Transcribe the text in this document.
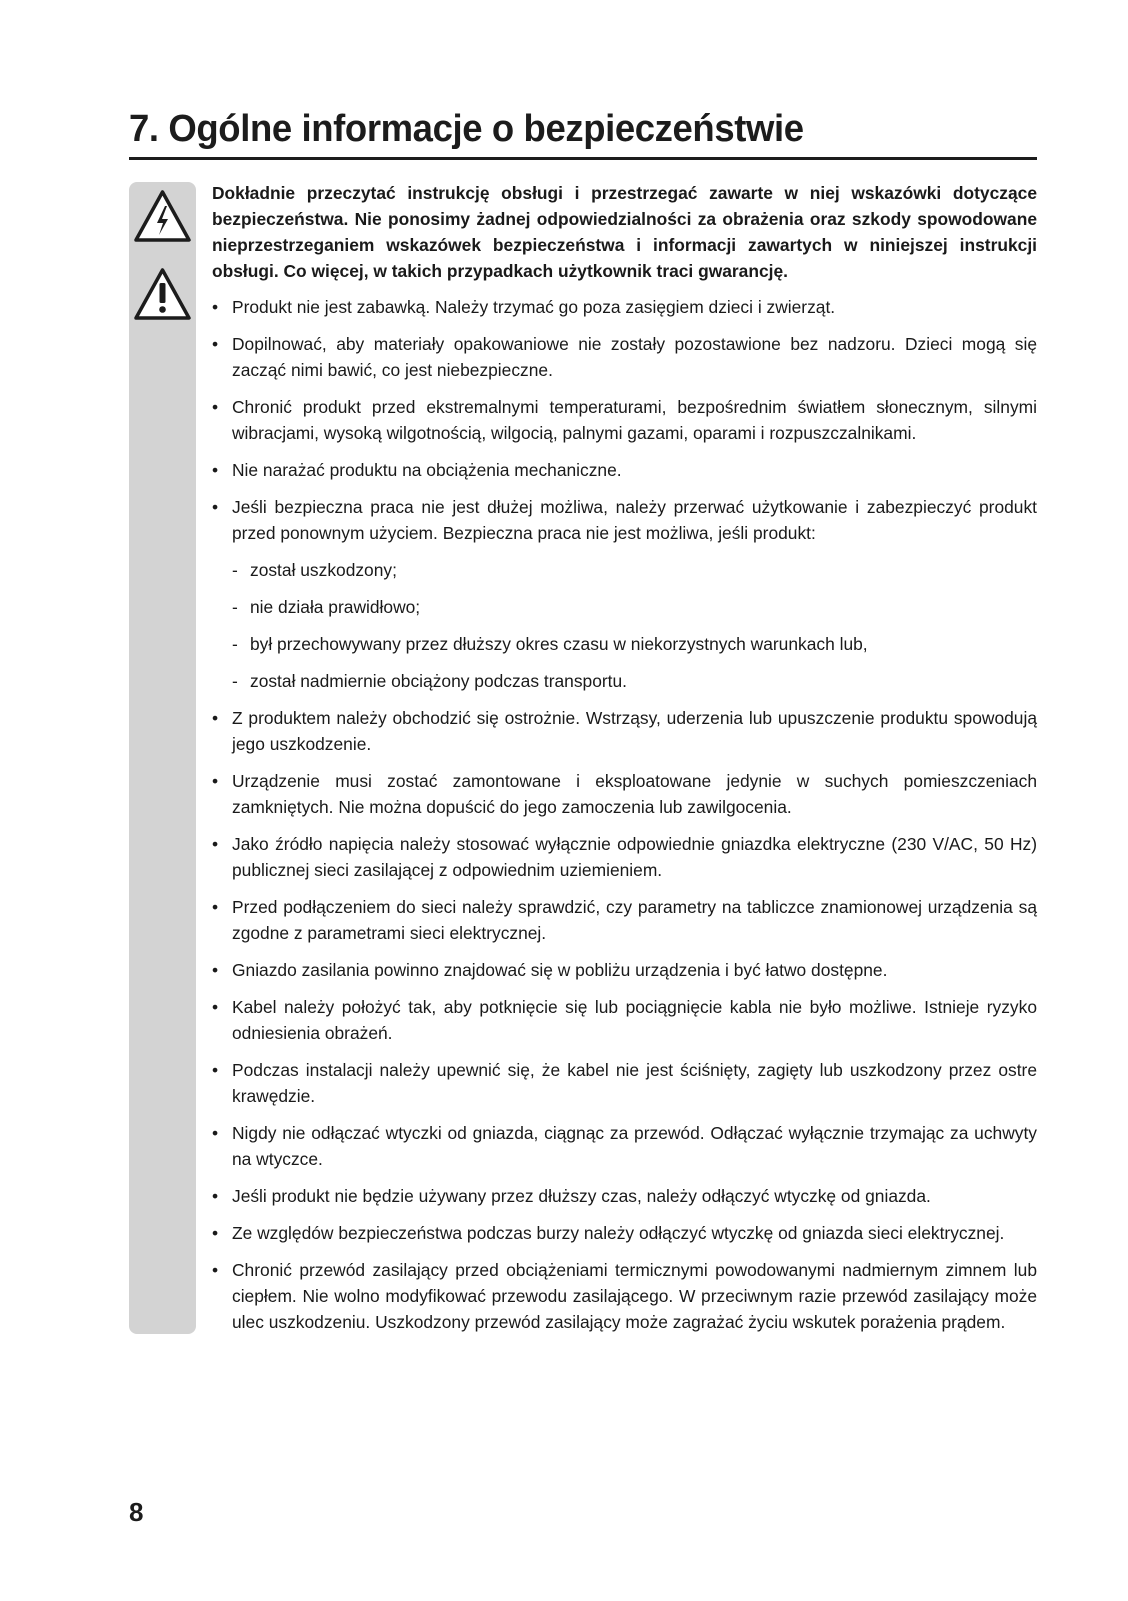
7. Ogólne informacje o bezpieczeństwie

Dokładnie przeczytać instrukcję obsługi i przestrzegać zawarte w niej wskazówki dotyczące bezpieczeństwa. Nie ponosimy żadnej odpowiedzialności za obrażenia oraz szkody spowodowane nieprzestrzeganiem wskazówek bezpieczeństwa i informacji zawartych w niniejszej instrukcji obsługi. Co więcej, w takich przypadkach użytkownik traci gwarancję.

• Produkt nie jest zabawką. Należy trzymać go poza zasięgiem dzieci i zwierząt.
• Dopilnować, aby materiały opakowaniowe nie zostały pozostawione bez nadzoru. Dzieci mogą się zacząć nimi bawić, co jest niebezpieczne.
• Chronić produkt przed ekstremalnymi temperaturami, bezpośrednim światłem słonecznym, silnymi wibracjami, wysoką wilgotnością, wilgocią, palnymi gazami, oparami i rozpuszczalnikami.
• Nie narażać produktu na obciążenia mechaniczne.
• Jeśli bezpieczna praca nie jest dłużej możliwa, należy przerwać użytkowanie i zabezpieczyć produkt przed ponownym użyciem. Bezpieczna praca nie jest możliwa, jeśli produkt:
- został uszkodzony;
- nie działa prawidłowo;
- był przechowywany przez dłuższy okres czasu w niekorzystnych warunkach lub,
- został nadmiernie obciążony podczas transportu.
• Z produktem należy obchodzić się ostrożnie. Wstrząsy, uderzenia lub upuszczenie produktu spowodują jego uszkodzenie.
• Urządzenie musi zostać zamontowane i eksploatowane jedynie w suchych pomieszczeniach zamkniętych. Nie można dopuścić do jego zamoczenia lub zawilgocenia.
• Jako źródło napięcia należy stosować wyłącznie odpowiednie gniazdka elektryczne (230 V/AC, 50 Hz) publicznej sieci zasilającej z odpowiednim uziemieniem.
• Przed podłączeniem do sieci należy sprawdzić, czy parametry na tabliczce znamionowej urządzenia są zgodne z parametrami sieci elektrycznej.
• Gniazdo zasilania powinno znajdować się w pobliżu urządzenia i być łatwo dostępne.
• Kabel należy położyć tak, aby potknięcie się lub pociągnięcie kabla nie było możliwe. Istnieje ryzyko odniesienia obrażeń.
• Podczas instalacji należy upewnić się, że kabel nie jest ściśnięty, zagięty lub uszkodzony przez ostre krawędzie.
• Nigdy nie odłączać wtyczki od gniazda, ciągnąc za przewód. Odłączać wyłącznie trzymając za uchwyty na wtyczce.
• Jeśli produkt nie będzie używany przez dłuższy czas, należy odłączyć wtyczkę od gniazda.
• Ze względów bezpieczeństwa podczas burzy należy odłączyć wtyczkę od gniazda sieci elektrycznej.
• Chronić przewód zasilający przed obciążeniami termicznymi powodowanymi nadmiernym zimnem lub ciepłem. Nie wolno modyfikować przewodu zasilającego. W przeciwnym razie przewód zasilający może ulec uszkodzeniu. Uszkodzony przewód zasilający może zagrażać życiu wskutek porażenia prądem.
8
